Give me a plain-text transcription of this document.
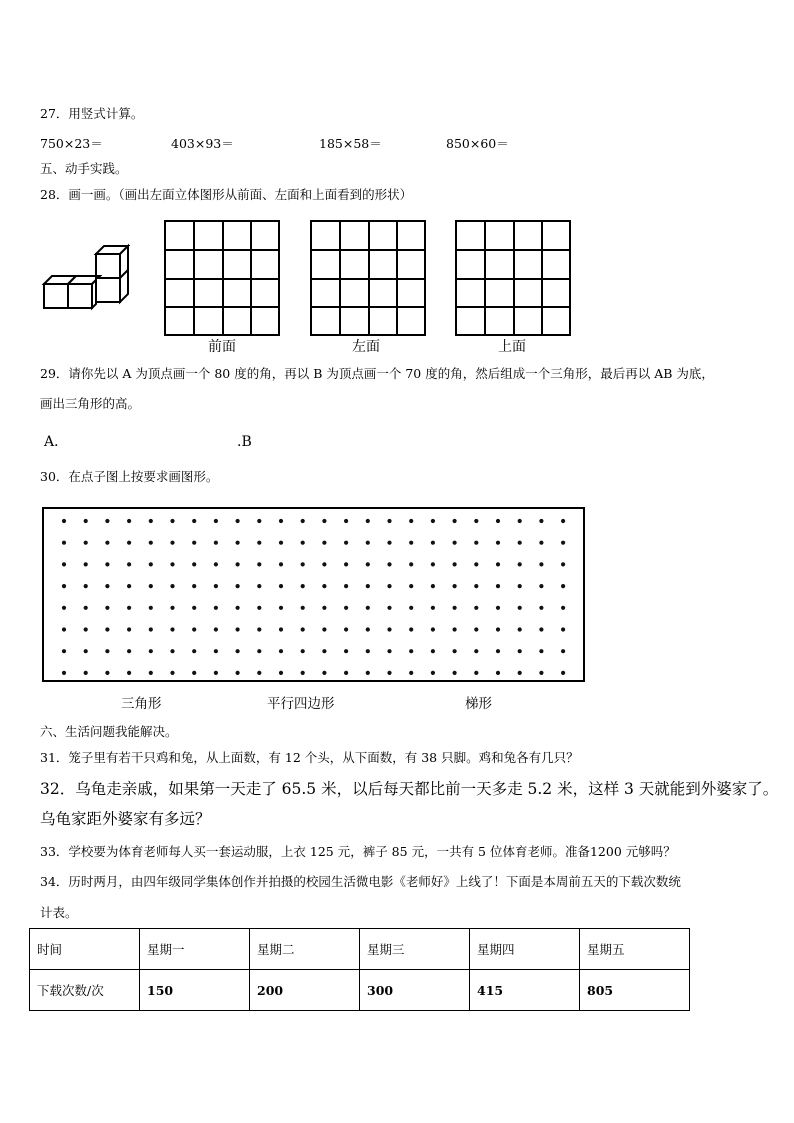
27．用竖式计算。
750×23＝	403×93＝	185×58＝	850×60＝
五、动手实践。
28．画一画。（画出左面立体图形从前面、左面和上面看到的形状）
前面	左面	上面
29．请你先以 A 为顶点画一个 80 度的角，再以 B 为顶点画一个 70 度的角，然后组成一个三角形，最后再以 AB 为底，
画出三角形的高。
A．	.B
30．在点子图上按要求画图形。
三角形	平行四边形	梯形
六、生活问题我能解决。
31．笼子里有若干只鸡和兔，从上面数，有 12 个头，从下面数，有 38 只脚。鸡和兔各有几只？
32．乌龟走亲戚，如果第一天走了 65.5 米，以后每天都比前一天多走 5.2 米，这样 3 天就能到外婆家了。
乌龟家距外婆家有多远？
33．学校要为体育老师每人买一套运动服，上衣 125 元，裤子 85 元，一共有 5 位体育老师。准备1200 元够吗？
34．历时两月，由四年级同学集体创作并拍摄的校园生活微电影《老师好》上线了！下面是本周前五天的下载次数统
计表。
时间	星期一	星期二	星期三	星期四	星期五
下载次数/次	150	200	300	415	805
